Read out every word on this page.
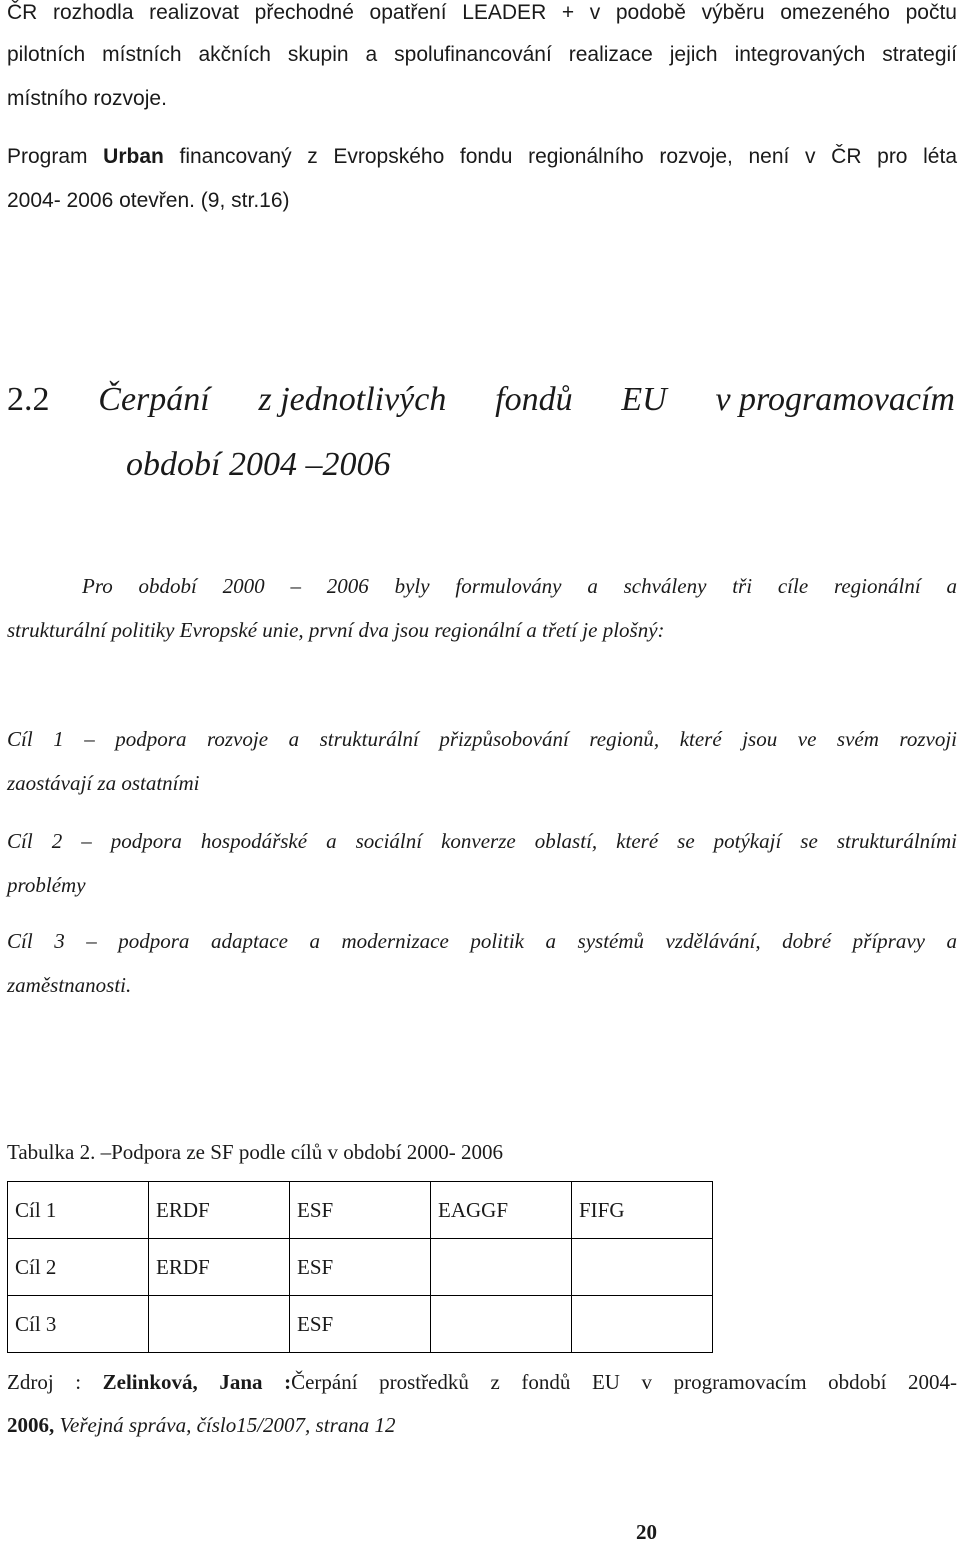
ČR rozhodla realizovat přechodné opatření LEADER + v podobě výběru omezeného počtu

pilotních místních akčních skupin a spolufinancování realizace jejich integrovaných strategií

místního rozvoje.

Program Urban financovaný z Evropského fondu regionálního rozvoje, není v ČR pro léta

2004- 2006 otevřen. (9, str.16)

2.2 Čerpání z jednotlivých fondů EU v programovacím
období 2004 –2006

Pro období 2000 – 2006 byly formulovány a schváleny tři cíle regionální a

strukturální politiky Evropské unie, první dva jsou regionální a třetí je plošný:

Cíl 1 – podpora rozvoje a strukturální přizpůsobování regionů, které jsou ve svém rozvoji

zaostávají za ostatními

Cíl 2 – podpora hospodářské a sociální konverze oblastí, které se potýkají se strukturálními

problémy

Cíl 3 – podpora adaptace a modernizace politik a systémů vzdělávání, dobré přípravy a

zaměstnanosti.

Tabulka 2. –Podpora ze SF podle cílů v období 2000- 2006

Cíl 1	ERDF	ESF	EAGGF	FIFG
Cíl 2	ERDF	ESF		
Cíl 3		ESF		

Zdroj : Zelinková, Jana :Čerpání prostředků z fondů EU v programovacím období 2004-

2006, Veřejná správa, číslo15/2007, strana 12

20
